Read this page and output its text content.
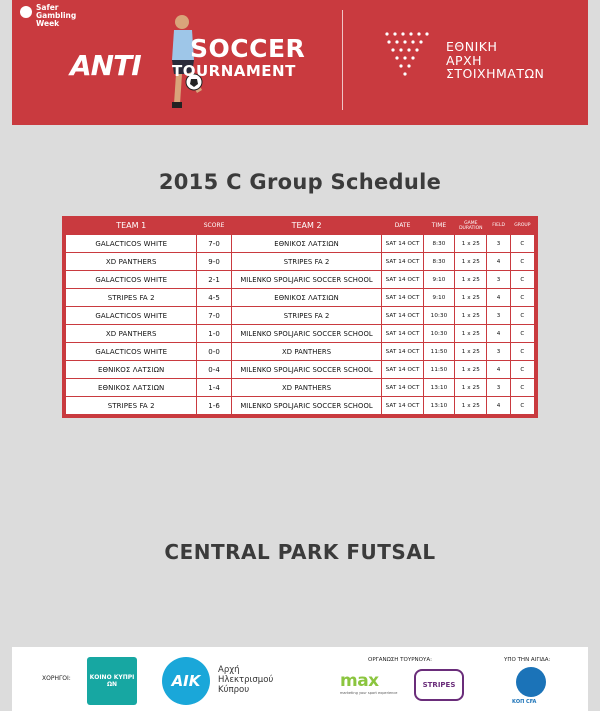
Safer
Gambling
Week
ANTI
SOCCER
TOURNAMENT
ΕΘΝΙΚΗ
ΑΡΧΗ
ΣΤΟΙΧΗΜΑΤΩΝ
2015 C Group Schedule
TEAM 1	SCORE	TEAM 2	DATE	TIME	GAME
DURATION	FIELD	GROUP
GALACTICOS WHITE	7-0	ΕΘΝΙΚΟΣ ΛΑΤΣΙΩΝ	SAT 14 OCT	8:30	1 x 25	3	C
XD PANTHERS	9-0	STRIPES FA 2	SAT 14 OCT	8:30	1 x 25	4	C
GALACTICOS WHITE	2-1	MILENKO SPOLJARIC SOCCER SCHOOL	SAT 14 OCT	9:10	1 x 25	3	C
STRIPES FA 2	4-5	ΕΘΝΙΚΟΣ ΛΑΤΣΙΩΝ	SAT 14 OCT	9:10	1 x 25	4	C
GALACTICOS WHITE	7-0	STRIPES FA 2	SAT 14 OCT	10:30	1 x 25	3	C
XD PANTHERS	1-0	MILENKO SPOLJARIC SOCCER SCHOOL	SAT 14 OCT	10:30	1 x 25	4	C
GALACTICOS WHITE	0-0	XD PANTHERS	SAT 14 OCT	11:50	1 x 25	3	C
ΕΘΝΙΚΟΣ ΛΑΤΣΙΩΝ	0-4	MILENKO SPOLJARIC SOCCER SCHOOL	SAT 14 OCT	11:50	1 x 25	4	C
ΕΘΝΙΚΟΣ ΛΑΤΣΙΩΝ	1-4	XD PANTHERS	SAT 14 OCT	13:10	1 x 25	3	C
STRIPES FA 2	1-6	MILENKO SPOLJARIC SOCCER SCHOOL	SAT 14 OCT	13:10	1 x 25	4	C
CENTRAL PARK FUTSAL
ΧΟΡΗΓΟΙ:	ΚΟΙΝΟ ΚΥΠΡΙ ΩΝ	AIK
Αρχή
Ηλεκτρισμού
Κύπρου
ΟΡΓΑΝΩΣΗ ΤΟΥΡΝΟΥΑ:
max
marketing your sport experience
STRIPES
ΥΠΟ ΤΗΝ ΑΙΓΙΔΑ:
ΚΟΠ CFA
